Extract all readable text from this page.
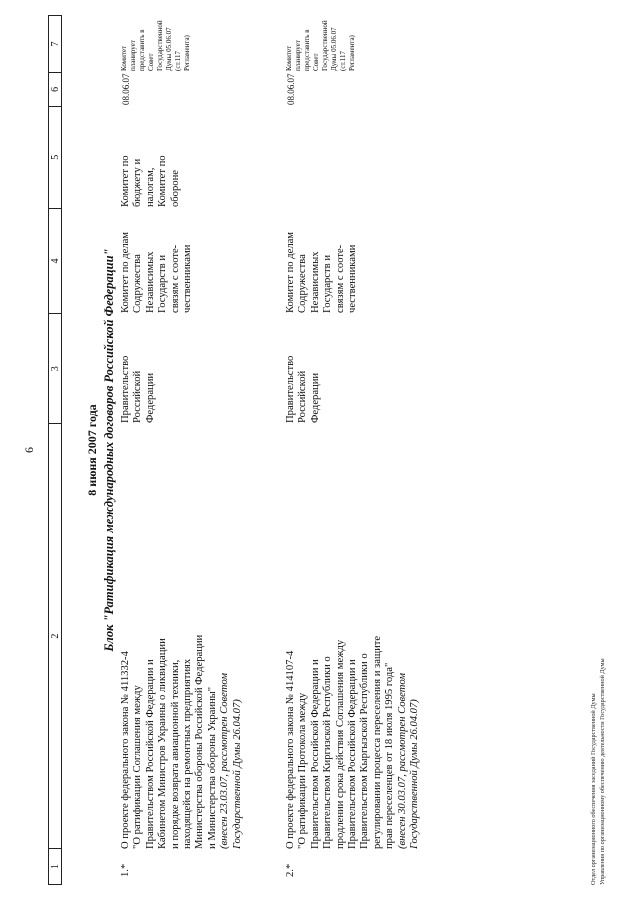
6
1
2
3
4
5
6
7
8 июня 2007 года Блок "Ратификация международных договоров Российской Федерации"
1.*
О проекте федерального закона № 411332-4 "О ратификации Соглашения между Правительством Российской Федерации и Кабинетом Министров Украины о ликвидации и порядке возврата авиационной техники, находящейся на ремонтных предприятиях Министерства обороны Российской Федерации и Министерства обороны Украины" (внесен 23.03.07, рассмотрен Советом Государственной Думы 26.04.07)
Правительство Российской Федерации
Комитет по делам Содружества Независимых Государств и связям с соотe- чественниками
Комитет по бюджету и налогам, Комитет по обороне
08.06.07
Комитет планирует представить в Совет Государственной Думы 05.06.07 (ст.117 Регламента)
2.*
О проекте федерального закона № 414107-4 "О ратификации Протокола между Правительством Российской Федерации и Правительством Киргизской Республики о продлении срока действия Соглашения между Правительством Российской Федерации и Правительством Кыргызской Республики о регулировании процесса переселения и защите прав переселенцев от 18 июля 1995 года" (внесен 30.03.07, рассмотрен Советом Государственной Думы 26.04.07)
Правительство Российской Федерации
Комитет по делам Содружества Независимых Государств и связям с соотe- чественниками
08.06.07
Комитет планирует представить в Совет Государственной Думы 05.06.07 (ст.117 Регламента)
Отдел организационного обеспечения заседаний Государственной Думы Управления по организационному обеспечению деятельности Государственной Думы
